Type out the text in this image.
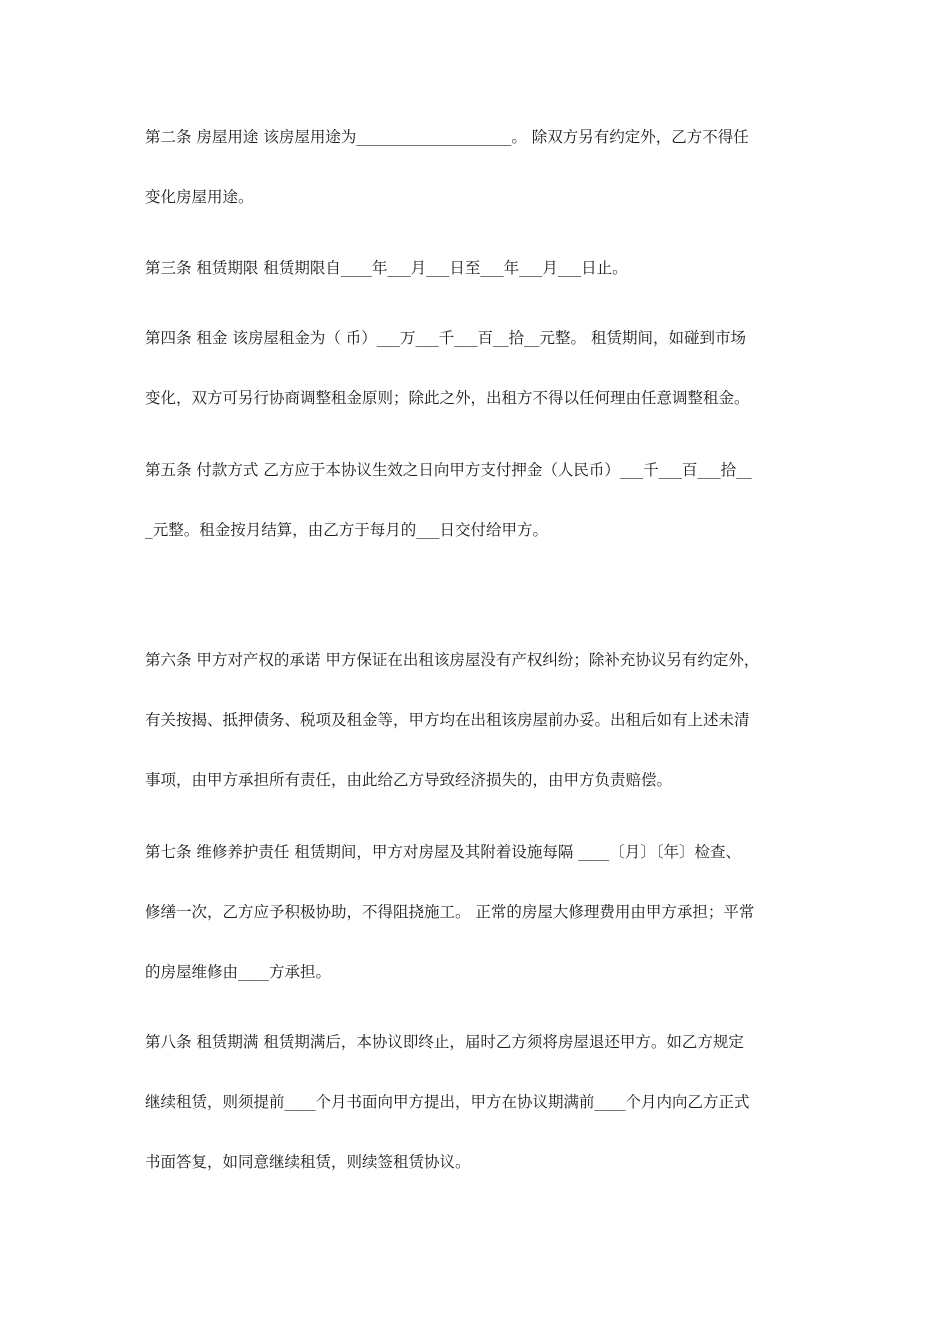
第二条 房屋用途 该房屋用途为____________________。 除双方另有约定外，乙方不得任
变化房屋用途。
第三条 租赁期限 租赁期限自____年___月___日至___年___月___日止。
第四条 租金 该房屋租金为（ 币）___万___千___百__拾__元整。 租赁期间，如碰到市场
变化，双方可另行协商调整租金原则；除此之外，出租方不得以任何理由任意调整租金。
第五条 付款方式 乙方应于本协议生效之日向甲方支付押金（人民币）___千___百___拾__
_元整。租金按月结算，由乙方于每月的___日交付给甲方。
第六条 甲方对产权的承诺 甲方保证在出租该房屋没有产权纠纷；除补充协议另有约定外，
有关按揭、抵押债务、税项及租金等，甲方均在出租该房屋前办妥。出租后如有上述未清
事项，由甲方承担所有责任，由此给乙方导致经济损失的，由甲方负责赔偿。
第七条 维修养护责任 租赁期间，甲方对房屋及其附着设施每隔 ____〔月〕〔年〕检查、
修缮一次，乙方应予积极协助，不得阻挠施工。 正常的房屋大修理费用由甲方承担；平常
的房屋维修由____方承担。
第八条 租赁期满 租赁期满后，本协议即终止，届时乙方须将房屋退还甲方。如乙方规定
继续租赁，则须提前____个月书面向甲方提出，甲方在协议期满前____个月内向乙方正式
书面答复，如同意继续租赁，则续签租赁协议。
